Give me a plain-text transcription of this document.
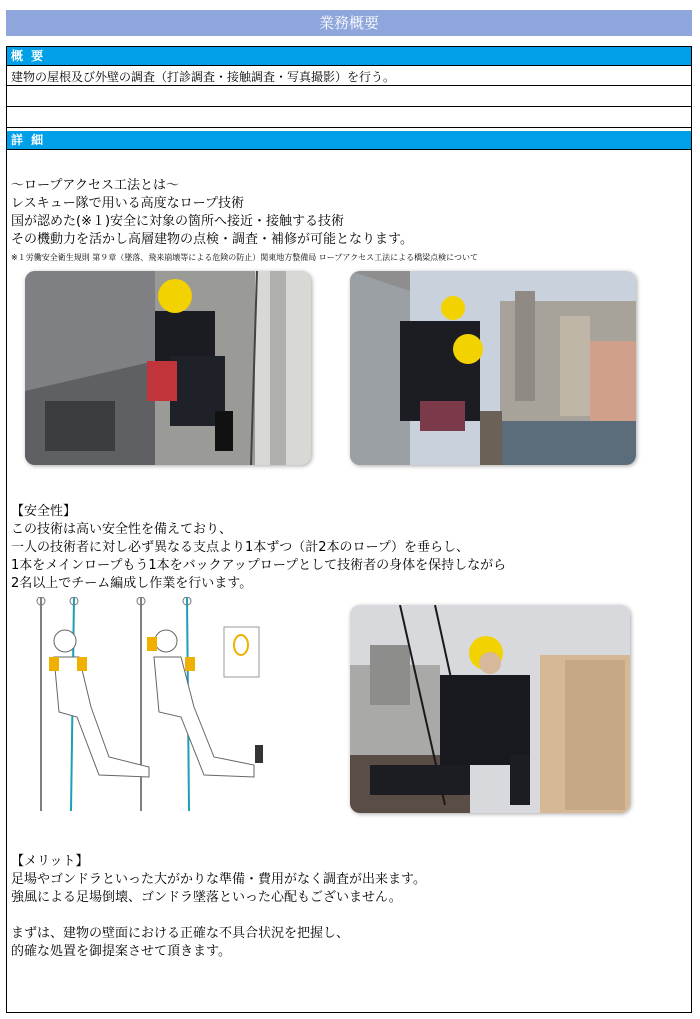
業務概要
概 要
建物の屋根及び外壁の調査（打診調査・接触調査・写真撮影）を行う。
詳 細

～ロープアクセス工法とは～

レスキュー隊で用いる高度なロープ技術

国が認めた(※１)安全に対象の箇所へ接近・接触する技術

その機動力を活かし高層建物の点検・調査・補修が可能となります。

※１労働安全衛生規則 第９章（墜落、飛来崩壊等による危険の防止）関東地方整備局 ロープアクセス工法による橋梁点検について

【安全性】

この技術は高い安全性を備えており、

一人の技術者に対し必ず異なる支点より1本ずつ（計2本のロープ）を垂らし、

1本をメインロープもう1本をバックアップロープとして技術者の身体を保持しながら

2名以上でチーム編成し作業を行います。

【メリット】

足場やゴンドラといった大がかりな準備・費用がなく調査が出来ます。

強風による足場倒壊、ゴンドラ墜落といった心配もございません。

まずは、建物の壁面における正確な不具合状況を把握し、

的確な処置を御提案させて頂きます。
